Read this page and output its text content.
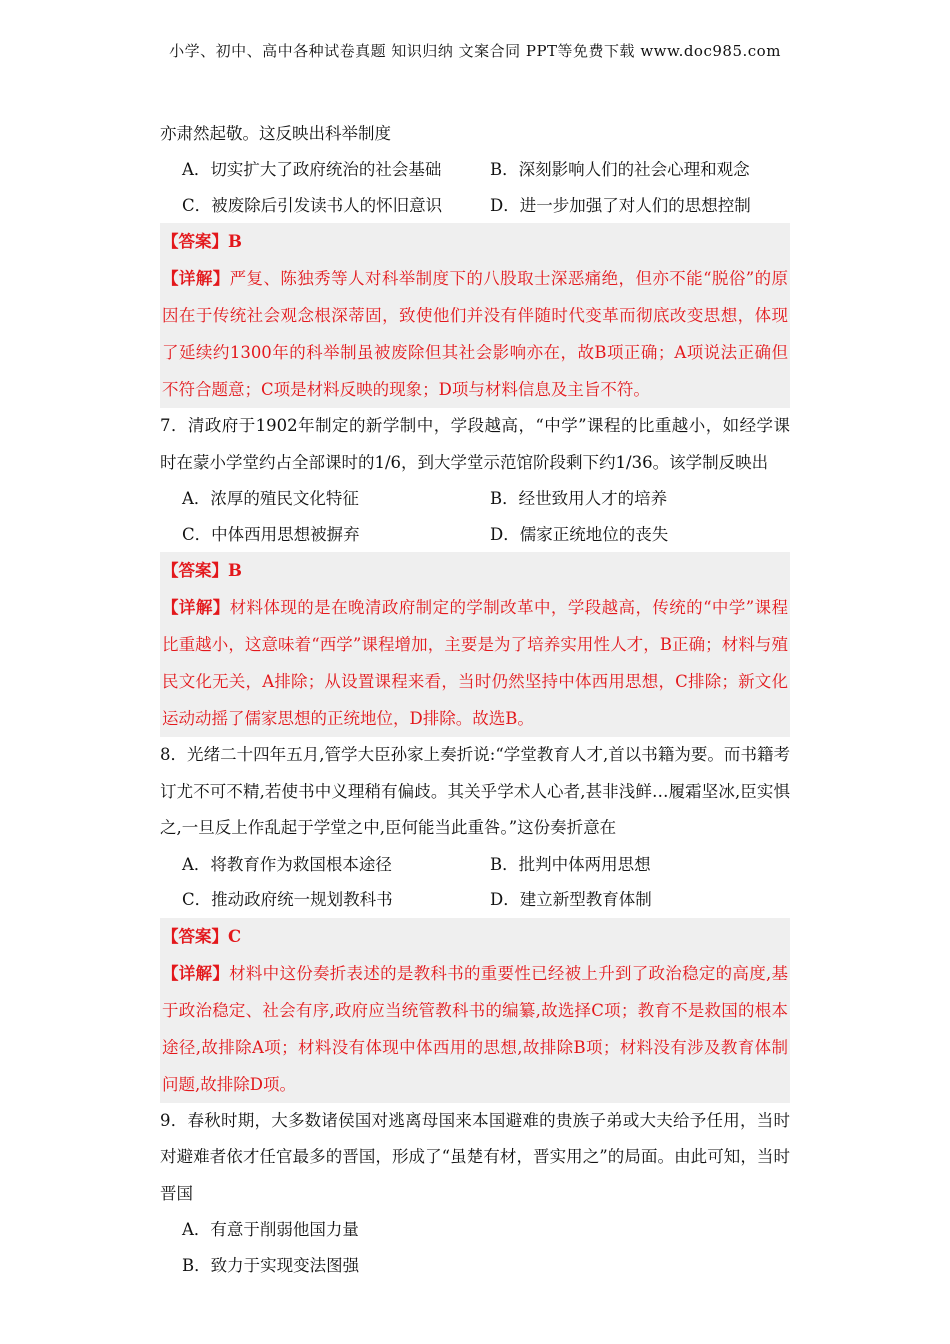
小学、初中、高中各种试卷真题 知识归纳 文案合同 PPT等免费下载 www.doc985.com
亦肃然起敬。这反映出科举制度
A．切实扩大了政府统治的社会基础	B．深刻影响人们的社会心理和观念
C．被废除后引发读书人的怀旧意识	D．进一步加强了对人们的思想控制

【答案】B

【详解】严复、陈独秀等人对科举制度下的八股取士深恶痛绝，但亦不能“脱俗”的原因在于传统社会观念根深蒂固，致使他们并没有伴随时代变革而彻底改变思想，体现了延续约1300年的科举制虽被废除但其社会影响亦在，故B项正确；A项说法正确但不符合题意；C项是材料反映的现象；D项与材料信息及主旨不符。

7．清政府于1902年制定的新学制中，学段越高，“中学”课程的比重越小，如经学课时在蒙小学堂约占全部课时的1/6，到大学堂示范馆阶段剩下约1/36。该学制反映出
A．浓厚的殖民文化特征	B．经世致用人才的培养
C．中体西用思想被摒弃	D．儒家正统地位的丧失

【答案】B

【详解】材料体现的是在晚清政府制定的学制改革中，学段越高，传统的“中学”课程比重越小，这意味着“西学”课程增加，主要是为了培养实用性人才，B正确；材料与殖民文化无关，A排除；从设置课程来看，当时仍然坚持中体西用思想，C排除；新文化运动动摇了儒家思想的正统地位，D排除。故选B。

8．光绪二十四年五月,管学大臣孙家上奏折说:“学堂教育人才,首以书籍为要。而书籍考订尤不可不精,若使书中义理稍有偏歧。其关乎学术人心者,甚非浅鲜…履霜坚冰,臣实惧之,一旦反上作乱起于学堂之中,臣何能当此重咎。”这份奏折意在
A．将教育作为救国根本途径	B．批判中体两用思想
C．推动政府统一规划教科书	D．建立新型教育体制

【答案】C

【详解】材料中这份奏折表述的是教科书的重要性已经被上升到了政治稳定的高度,基于政治稳定、社会有序,政府应当统管教科书的编纂,故选择C项；教育不是救国的根本途径,故排除A项；材料没有体现中体西用的思想,故排除B项；材料没有涉及教育体制问题,故排除D项。

9．春秋时期，大多数诸侯国对逃离母国来本国避难的贵族子弟或大夫给予任用，当时对避难者依才任官最多的晋国，形成了“虽楚有材，晋实用之”的局面。由此可知，当时晋国
A．有意于削弱他国力量
B．致力于实现变法图强
